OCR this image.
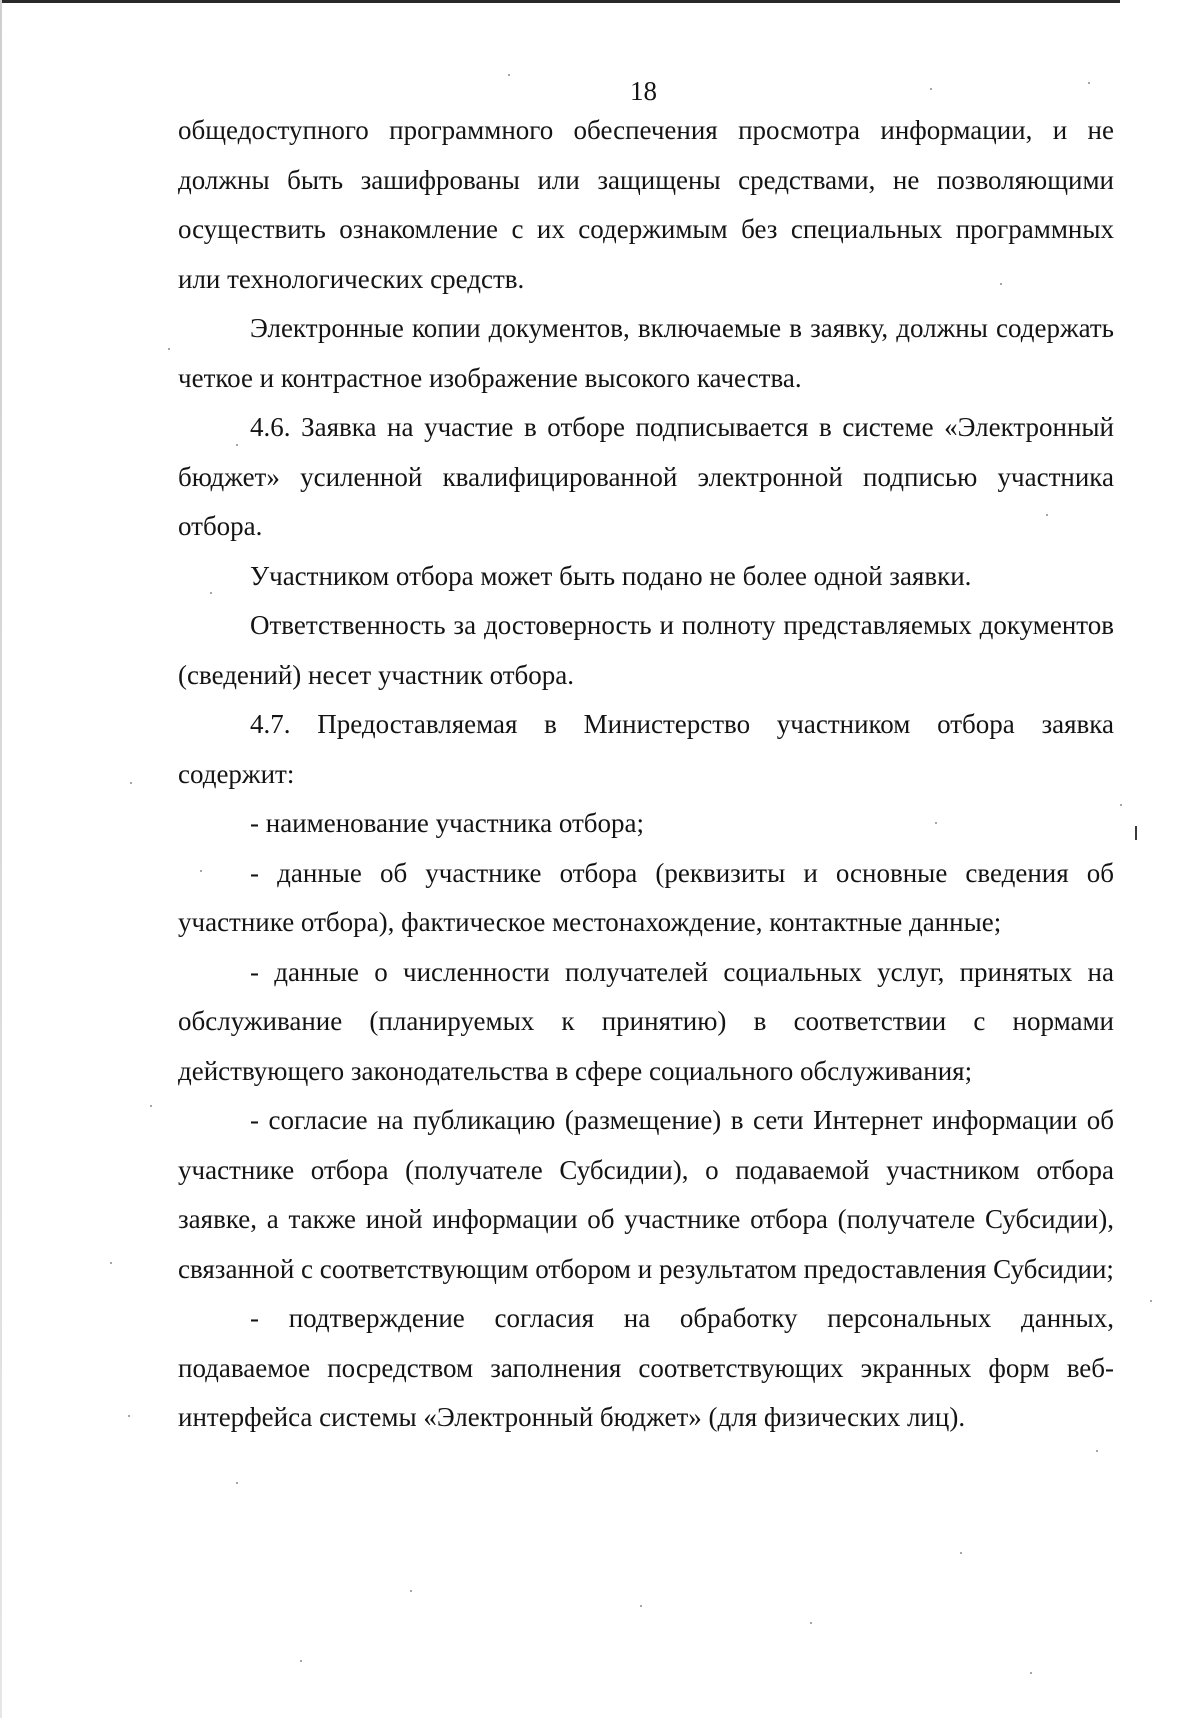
18

общедоступного программного обеспечения просмотра информации, и не должны быть зашифрованы или защищены средствами, не позволяющими осуществить ознакомление с их содержимым без специальных программных или технологических средств.

Электронные копии документов, включаемые в заявку, должны содержать четкое и контрастное изображение высокого качества.

4.6. Заявка на участие в отборе подписывается в системе «Электронный бюджет» усиленной квалифицированной электронной подписью участника отбора.

Участником отбора может быть подано не более одной заявки.

Ответственность за достоверность и полноту представляемых документов (сведений) несет участник отбора.

4.7. Предоставляемая в Министерство участником отбора заявка содержит:

- наименование участника отбора;

- данные об участнике отбора (реквизиты и основные сведения об участнике отбора), фактическое местонахождение, контактные данные;

- данные о численности получателей социальных услуг, принятых на обслуживание (планируемых к принятию) в соответствии с нормами действующего законодательства в сфере социального обслуживания;

- согласие на публикацию (размещение) в сети Интернет информации об участнике отбора (получателе Субсидии), о подаваемой участником отбора заявке, а также иной информации об участнике отбора (получателе Субсидии), связанной с соответствующим отбором и результатом предоставления Субсидии;

- подтверждение согласия на обработку персональных данных, подаваемое посредством заполнения соответствующих экранных форм веб-интерфейса системы «Электронный бюджет» (для физических лиц).
